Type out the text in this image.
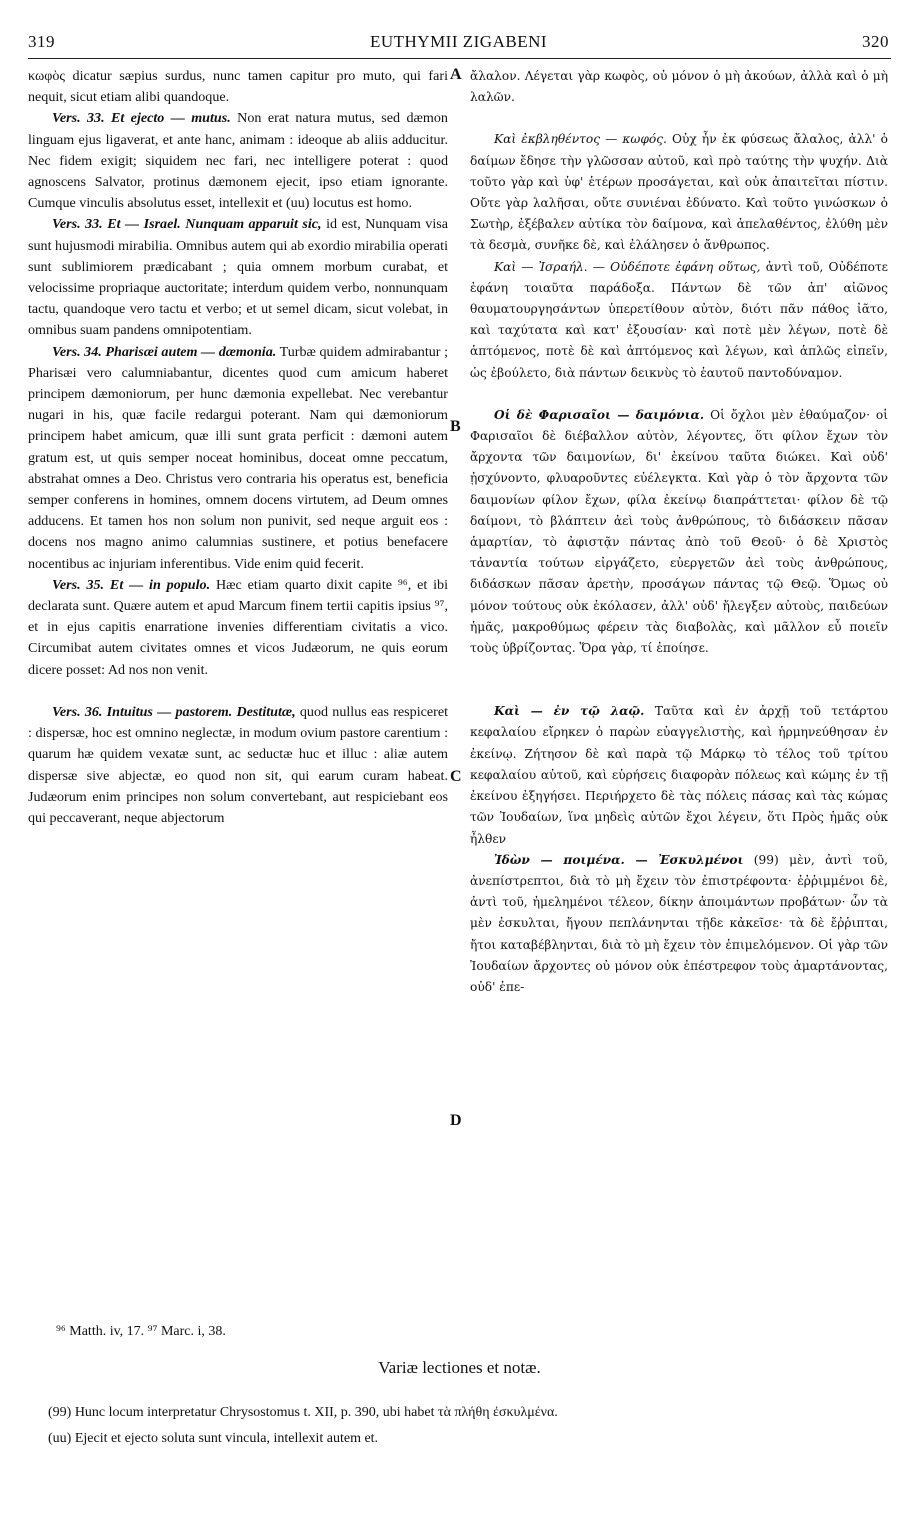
319	EUTHYMII ZIGABENI	320
A
B
C
D

κωφὸς dicatur sæpius surdus, nunc tamen capitur pro muto, qui fari nequit, sicut etiam alibi quandoque.

Vers. 33. Et ejecto — mutus. Non erat natura mutus, sed dæmon linguam ejus ligaverat, et ante hanc, animam : ideoque ab aliis adducitur. Nec fidem exigit; siquidem nec fari, nec intelligere poterat : quod agnoscens Salvator, protinus dæmonem ejecit, ipso etiam ignorante. Cumque vinculis absolutus esset, intellexit et (uu) locutus est homo.

Vers. 33. Et — Israel. Nunquam apparuit sic, id est, Nunquam visa sunt hujusmodi mirabilia. Omnibus autem qui ab exordio mirabilia operati sunt sublimiorem prædicabant ; quia omnem morbum curabat, et velocissime propriaque auctoritate; interdum quidem verbo, nonnunquam tactu, quandoque vero tactu et verbo; et ut semel dicam, sicut volebat, in omnibus suam pandens omnipotentiam.

Vers. 34. Pharisæi autem — dæmonia. Turbæ quidem admirabantur ; Pharisæi vero calumniabantur, dicentes quod cum amicum haberet principem dæmoniorum, per hunc dæmonia expellebat. Nec verebantur nugari in his, quæ facile redargui poterant. Nam qui dæmoniorum principem habet amicum, quæ illi sunt grata perficit : dæmoni autem gratum est, ut quis semper noceat hominibus, doceat omne peccatum, abstrahat omnes a Deo. Christus vero contraria his operatus est, beneficia semper conferens in homines, omnem docens virtutem, ad Deum omnes adducens. Et tamen hos non solum non punivit, sed neque arguit eos : docens nos magno animo calumnias sustinere, et potius benefacere nocentibus ac injuriam inferentibus. Vide enim quid fecerit.

Vers. 35. Et — in populo. Hæc etiam quarto dixit capite ⁹⁶, et ibi declarata sunt. Quære autem et apud Marcum finem tertii capitis ipsius ⁹⁷, et in ejus capitis enarratione invenies differentiam civitatis a vico. Circumibat autem civitates omnes et vicos Judæorum, ne quis eorum dicere posset: Ad nos non venit.

Vers. 36. Intuitus — pastorem. Destitutæ, quod nullus eas respiceret : dispersæ, hoc est omnino neglectæ, in modum ovium pastore carentium : quarum hæ quidem vexatæ sunt, ac seductæ huc et illuc : aliæ autem dispersæ sive abjectæ, eo quod non sit, qui earum curam habeat. Judæorum enim principes non solum convertebant, aut respiciebant eos qui peccaverant, neque abjectorum

ἄλαλον. Λέγεται γὰρ κωφὸς, οὐ μόνον ὁ μὴ ἀκούων, ἀλλὰ καὶ ὁ μὴ λαλῶν.

Καὶ ἐκβληθέντος — κωφός. Οὐχ ἦν ἐκ φύσεως ἄλαλος, ἀλλ' ὁ δαίμων ἔδησε τὴν γλῶσσαν αὐτοῦ, καὶ πρὸ ταύτης τὴν ψυχήν. Διὰ τοῦτο γὰρ καὶ ὑφ' ἑτέρων προσάγεται, καὶ οὐκ ἀπαιτεῖται πίστιν. Οὔτε γὰρ λαλῆσαι, οὔτε συνιέναι ἐδύνατο. Καὶ τοῦτο γινώσκων ὁ Σωτὴρ, ἐξέβαλεν αὐτίκα τὸν δαίμονα, καὶ ἀπελαθέντος, ἐλύθη μὲν τὰ δεσμὰ, συνῆκε δὲ, καὶ ἐλάλησεν ὁ ἄνθρωπος.

Καὶ — Ἰσραήλ. — Οὐδέποτε ἐφάνη οὕτως, ἀντὶ τοῦ, Οὐδέποτε ἐφάνη τοιαῦτα παράδοξα. Πάντων δὲ τῶν ἀπ' αἰῶνος θαυματουργησάντων ὑπερετίθουν αὐτὸν, διότι πᾶν πάθος ἰᾶτο, καὶ ταχύτατα καὶ κατ' ἐξουσίαν· καὶ ποτὲ μὲν λέγων, ποτὲ δὲ ἁπτόμενος, ποτὲ δὲ καὶ ἁπτόμενος καὶ λέγων, καὶ ἁπλῶς εἰπεῖν, ὡς ἐβούλετο, διὰ πάντων δεικνὺς τὸ ἑαυτοῦ παντοδύναμον.

Οἱ δὲ Φαρισαῖοι — δαιμόνια. Οἱ ὄχλοι μὲν ἐθαύμαζον· οἱ Φαρισαῖοι δὲ διέβαλλον αὐτὸν, λέγοντες, ὅτι φίλον ἔχων τὸν ἄρχοντα τῶν δαιμονίων, δι' ἐκείνου ταῦτα διώκει. Καὶ οὐδ' ᾐσχύνοντο, φλυαροῦντες εὐέλεγκτα. Καὶ γὰρ ὁ τὸν ἄρχοντα τῶν δαιμονίων φίλον ἔχων, φίλα ἐκείνῳ διαπράττεται· φίλον δὲ τῷ δαίμονι, τὸ βλάπτειν ἀεὶ τοὺς ἀνθρώπους, τὸ διδάσκειν πᾶσαν ἁμαρτίαν, τὸ ἀφιστᾷν πάντας ἀπὸ τοῦ Θεοῦ· ὁ δὲ Χριστὸς τἀναντία τούτων εἰργάζετο, εὐεργετῶν ἀεὶ τοὺς ἀνθρώπους, διδάσκων πᾶσαν ἀρετὴν, προσάγων πάντας τῷ Θεῷ. Ὅμως οὐ μόνον τούτους οὐκ ἐκόλασεν, ἀλλ' οὐδ' ἤλεγξεν αὐτοὺς, παιδεύων ἡμᾶς, μακροθύμως φέρειν τὰς διαβολὰς, καὶ μᾶλλον εὖ ποιεῖν τοὺς ὑβρίζοντας. Ὅρα γὰρ, τί ἐποίησε.

Καὶ — ἐν τῷ λαῷ. Ταῦτα καὶ ἐν ἀρχῇ τοῦ τετάρτου κεφαλαίου εἴρηκεν ὁ παρὼν εὐαγγελιστὴς, καὶ ἡρμηνεύθησαν ἐν ἐκείνῳ. Ζήτησον δὲ καὶ παρὰ τῷ Μάρκῳ τὸ τέλος τοῦ τρίτου κεφαλαίου αὐτοῦ, καὶ εὑρήσεις διαφορὰν πόλεως καὶ κώμης ἐν τῇ ἐκείνου ἐξηγήσει. Περιήρχετο δὲ τὰς πόλεις πάσας καὶ τὰς κώμας τῶν Ἰουδαίων, ἵνα μηδεὶς αὐτῶν ἔχοι λέγειν, ὅτι Πρὸς ἡμᾶς οὐκ ἦλθεν

Ἰδὼν — ποιμένα. — Ἐσκυλμένοι (99) μὲν, ἀντὶ τοῦ, ἀνεπίστρεπτοι, διὰ τὸ μὴ ἔχειν τὸν ἐπιστρέφοντα· ἐῤῥιμμένοι δὲ, ἀντὶ τοῦ, ἠμελημένοι τέλεον, δίκην ἀποιμάντων προβάτων· ὧν τὰ μὲν ἐσκυλται, ἤγουν πεπλάνηνται τῇδε κἀκεῖσε· τὰ δὲ ἔῤῥιπται, ἤτοι καταβέβληνται, διὰ τὸ μὴ ἔχειν τὸν ἐπιμελόμενον. Οἱ γὰρ τῶν Ἰουδαίων ἄρχοντες οὐ μόνον οὐκ ἐπέστρεφον τοὺς ἁμαρτάνοντας, οὐδ' ἐπε-

⁹⁶ Matth. iv, 17. ⁹⁷ Marc. i, 38.
Variæ lectiones et notæ.

(99) Hunc locum interpretatur Chrysostomus t. XII, p. 390, ubi habet τὰ πλήθη ἐσκυλμένα.

(uu) Ejecit et ejecto soluta sunt vincula, intellexit autem et.
